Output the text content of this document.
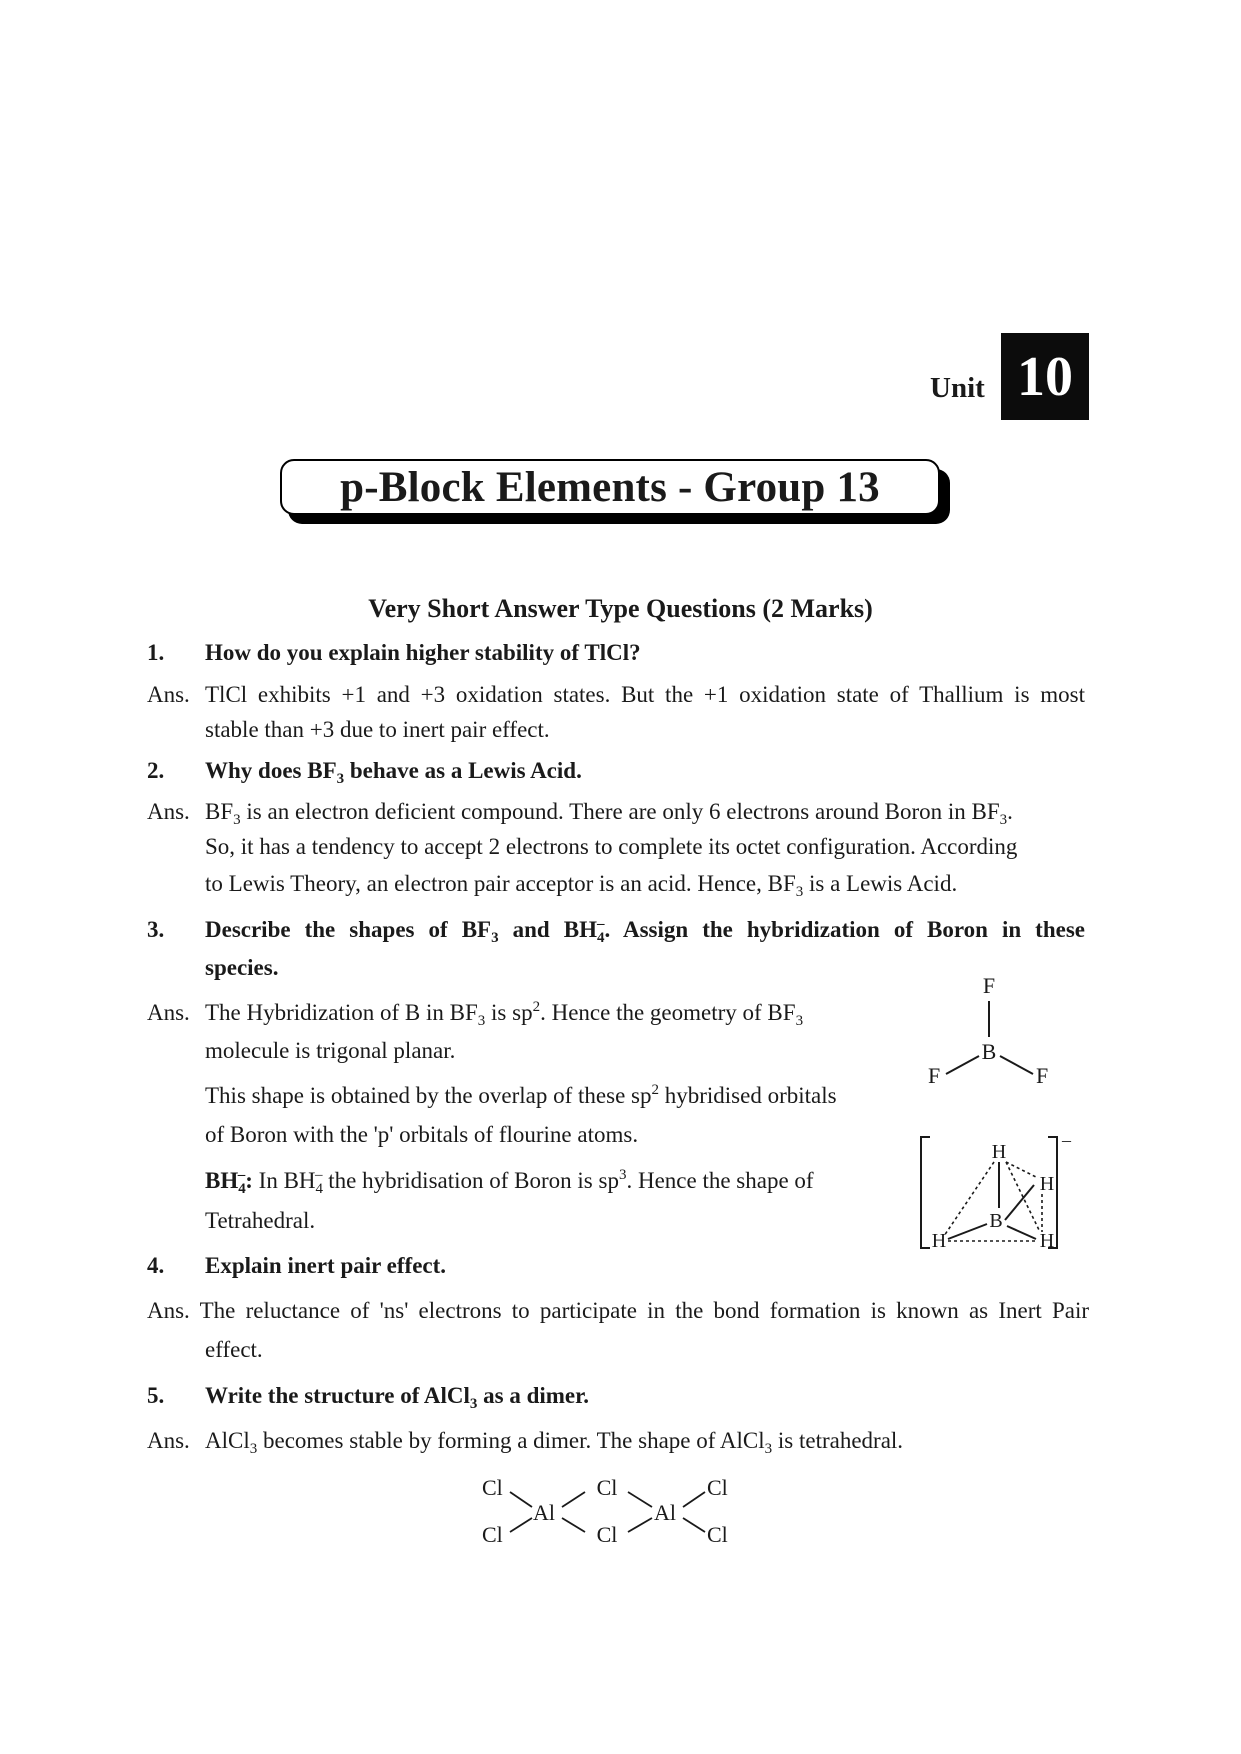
Unit 10
p-Block Elements - Group 13
Very Short Answer Type Questions (2 Marks)
1. How do you explain higher stability of TlCl?
Ans. TlCl exhibits +1 and +3 oxidation states. But the +1 oxidation state of Thallium is most
stable than +3 due to inert pair effect.
2. Why does $BF_3$ behave as a Lewis Acid.
Ans. $BF_3$ is an electron deficient compound. There are only 6 electrons around Boron in $BF_3$.
So, it has a tendency to accept 2 electrons to complete its octet configuration. According
to Lewis Theory, an electron pair acceptor is an acid. Hence, $BF_3$ is a Lewis Acid.
3. Describe the shapes of $BF_3$ and $BH_4^-$. Assign the hybridization of Boron in these
species.
Ans. The Hybridization of B in $BF_3$ is $sp^2$. Hence the geometry of $BF_3$
molecule is trigonal planar.
This shape is obtained by the overlap of these $sp^2$ hybridised orbitals
of Boron with the 'p' orbitals of flourine atoms.
$BH_4^-$: In $BH_4^-$ the hybridisation of Boron is $sp^3$. Hence the shape of
Tetrahedral.
F
B
F	F
–
H
H
B
H	H
4. Explain inert pair effect.
Ans. The reluctance of 'ns' electrons to participate in the bond formation is known as Inert Pair
effect.
5. Write the structure of AlCl$_3$ as a dimer.
Ans. AlCl$_3$ becomes stable by forming a dimer. The shape of AlCl$_3$ is tetrahedral.
Cl
Cl
Al
Cl
Cl
Al
Cl
Cl
